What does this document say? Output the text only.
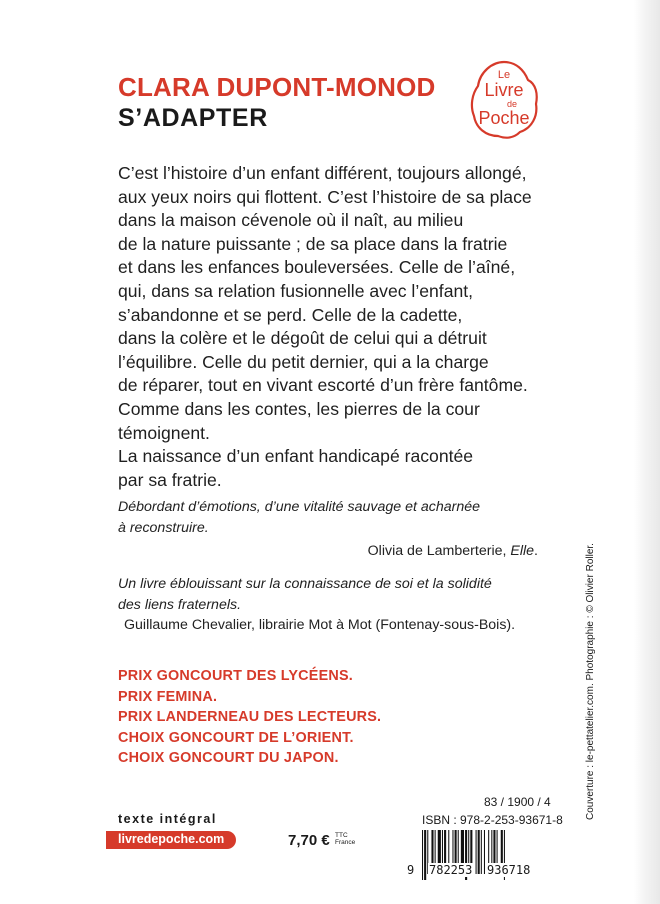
CLARA DUPONT-MONOD
S’ADAPTER
Le
Livre
de
Poche

C’est l’histoire d’un enfant différent, toujours allongé,

aux yeux noirs qui flottent. C’est l’histoire de sa place

dans la maison cévenole où il naît, au milieu

de la nature puissante ; de sa place dans la fratrie

et dans les enfances bouleversées. Celle de l’aîné,

qui, dans sa relation fusionnelle avec l’enfant,

s’abandonne et se perd. Celle de la cadette,

dans la colère et le dégoût de celui qui a détruit

l’équilibre. Celle du petit dernier, qui a la charge

de réparer, tout en vivant escorté d’un frère fantôme.

Comme dans les contes, les pierres de la cour

témoignent.

La naissance d’un enfant handicapé racontée

par sa fratrie.

Débordant d’émotions, d’une vitalité sauvage et acharnée
à reconstruire.
Olivia de Lamberterie, Elle.
Un livre éblouissant sur la connaissance de soi et la solidité
des liens fraternels.
Guillaume Chevalier, librairie Mot à Mot (Fontenay-sous-Bois).
PRIX GONCOURT DES LYCÉENS.
PRIX FEMINA.
PRIX LANDERNEAU DES LECTEURS.
CHOIX GONCOURT DE L’ORIENT.
CHOIX GONCOURT DU JAPON.
texte intégral
livredepoche.com	7,70 € TTC
France
83 / 1900 / 4
ISBN : 978-2-253-93671-8
9 782253 936718
Couverture : le-pettatelier.com. Photographie : © Olivier Roller.
